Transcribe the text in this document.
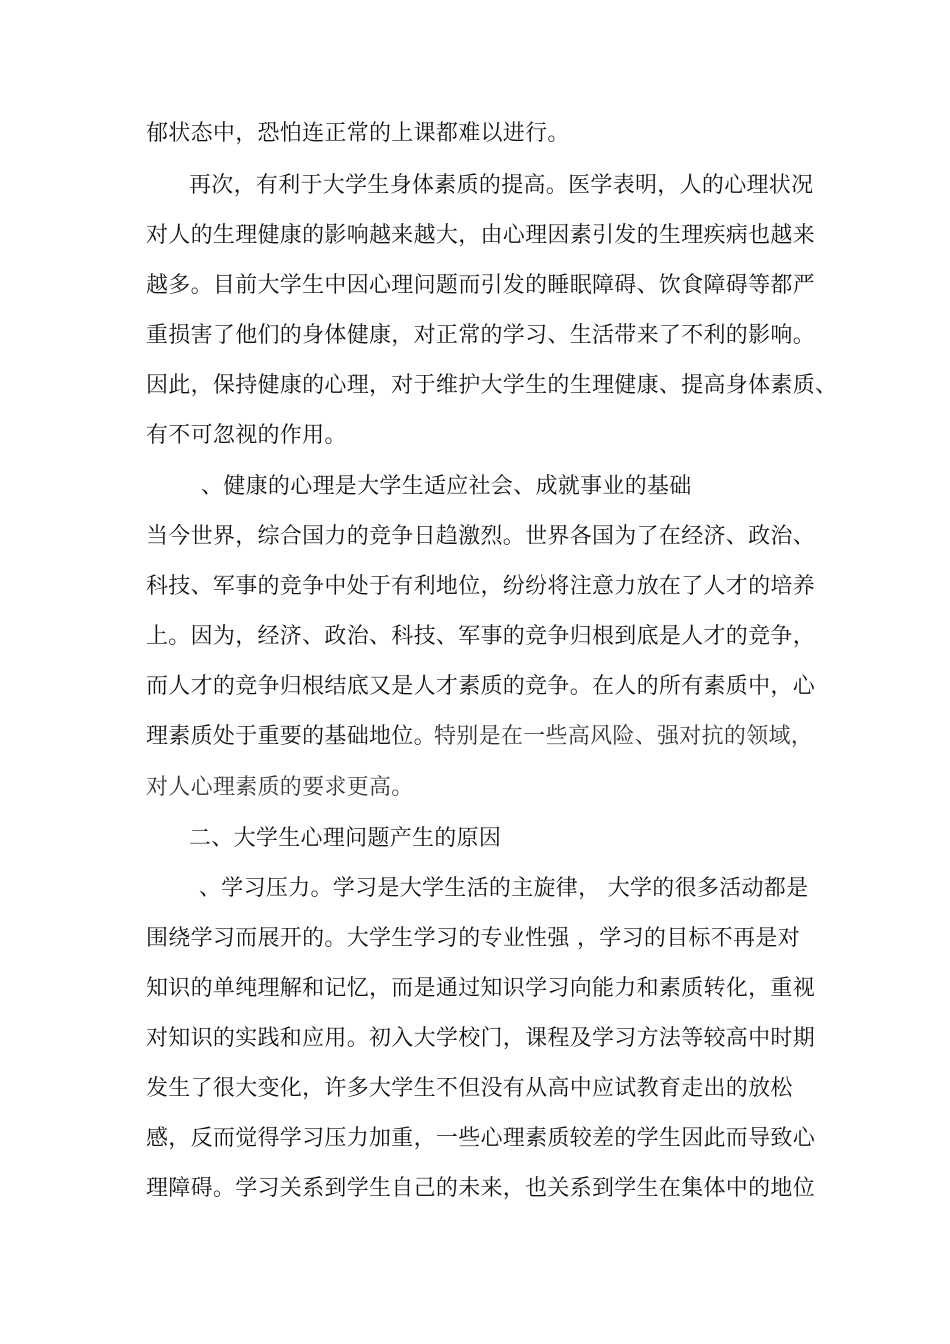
郁状态中，恐怕连正常的上课都难以进行。
再次，有利于大学生身体素质的提高。医学表明，人的心理状况
对人的生理健康的影响越来越大，由心理因素引发的生理疾病也越来
越多。目前大学生中因心理问题而引发的睡眠障碍、饮食障碍等都严
重损害了他们的身体健康，对正常的学习、生活带来了不利的影响。
因此，保持健康的心理，对于维护大学生的生理健康、提高身体素质、
有不可忽视的作用。
、健康的心理是大学生适应社会、成就事业的基础
当今世界，综合国力的竞争日趋激烈。世界各国为了在经济、政治、
科技、军事的竞争中处于有利地位，纷纷将注意力放在了人才的培养
上。因为，经济、政治、科技、军事的竞争归根到底是人才的竞争，
而人才的竞争归根结底又是人才素质的竞争。在人的所有素质中，心
理素质处于重要的基础地位。
特别是在一些高风险、强对抗的领域，
对人心理素质的要求更高。
二、大学生心理问题产生的原因
、学习压力。学习是大学生活的主旋律， 大学的很多活动都是
围绕学习而展开的。大学生学习的专业性强 ，学习的目标不再是对
知识的单纯理解和记忆，而是通过知识学习向能力和素质转化，重视
对知识的实践和应用。初入大学校门，课程及学习方法等较高中时期
发生了很大变化，许多大学生不但没有从高中应试教育走出的放松
感，反而觉得学习压力加重，一些心理素质较差的学生因此而导致心
理障碍。学习关系到学生自己的未来，也关系到学生在集体中的地位
